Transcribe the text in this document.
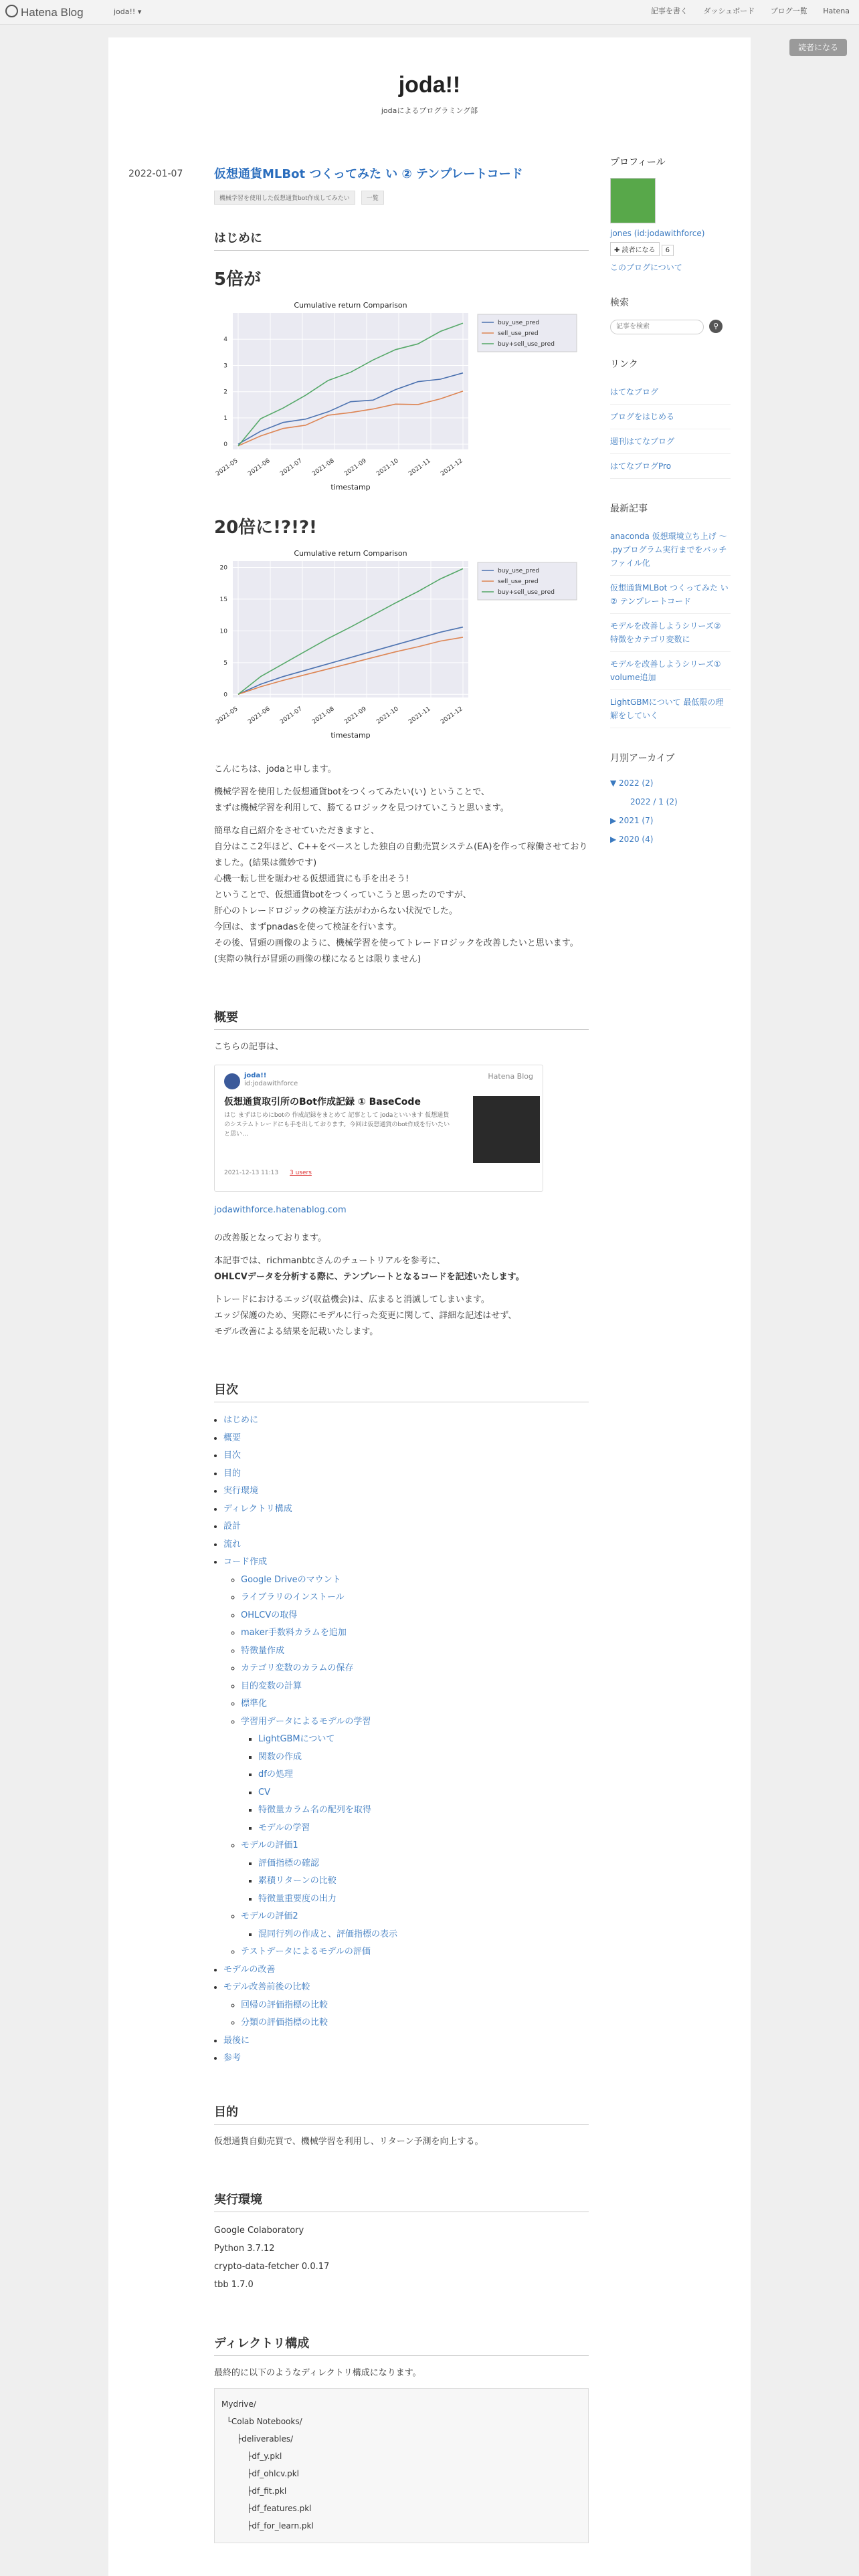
Hatena Blog	joda!! ▾	記事を書く ダッシュボード ブログ一覧 Hatena
読者になる
joda!!
jodaによるプログラミング部
2022-01-07	仮想通貨MLBot つくってみた い ② テンプレートコード
機械学習を使用した仮想通貨bot作成してみたい	一覧
はじめに
5倍が
Cumulative return Comparison
2021-05 2021-06 2021-07 2021-08 2021-09 2021-10 2021-11 2021-12
0
1
2
3
4
timestamp
buy_use_pred
sell_use_pred
buy+sell_use_pred
20倍に!?!?!
Cumulative return Comparison
2021-05 2021-06 2021-07 2021-08 2021-09 2021-10 2021-11 2021-12
0
5
10
15
20
timestamp
buy_use_pred
sell_use_pred
buy+sell_use_pred

こんにちは、jodaと申します。

機械学習を使用した仮想通貨botをつくってみたい(い) ということで、
まずは機械学習を利用して、勝てるロジックを見つけていこうと思います。

簡単な自己紹介をさせていただきますと、
自分はここ2年ほど、C++をベースとした独自の自動売買システム(EA)を作って稼働させておりました。(結果は微妙です)
心機一転し世を賑わせる仮想通貨にも手を出そう!
ということで、仮想通貨botをつくっていこうと思ったのですが、
肝心のトレードロジックの検証方法がわからない状況でした。
今回は、まずpnadasを使って検証を行います。
その後、冒頭の画像のように、機械学習を使ってトレードロジックを改善したいと思います。
(実際の執行が冒頭の画像の様になるとは限りません)

概要

こちらの記事は、

Hatena Blog
joda!!
id:jodawithforce
仮想通貨取引所のBot作成記録 ① BaseCode
はじ まずはじめにbotの 作成記録をまとめて 記事として jodaといいます 仮想通貨のシステムトレードにも手を出しております。今回は仮想通貨のbot作成を行いたいと思い…
2021-12-13 11:13 3 users

jodawithforce.hatenablog.com

の改善版となっております。

本記事では、richmanbtcさんのチュートリアルを参考に、

OHLCVデータを分析する際に、テンプレートとなるコードを記述いたします。

トレードにおけるエッジ(収益機会)は、広まると消滅してしまいます。
エッジ保護のため、実際にモデルに行った変更に関して、詳細な記述はせず、
モデル改善による結果を記載いたします。

目次
• はじめに
• 概要
• 目次
• 目的
• 実行環境
• ディレクトリ構成
• 設計
• 流れ
• コード作成
◦ Google Driveのマウント
◦ ライブラリのインストール
◦ OHLCVの取得
◦ maker手数料カラムを追加
◦ 特徴量作成
◦ カテゴリ変数のカラムの保存
◦ 目的変数の計算
◦ 標準化
◦ 学習用データによるモデルの学習
▪ LightGBMについて
▪ 関数の作成
▪ dfの処理
▪ CV
▪ 特徴量カラム名の配列を取得
▪ モデルの学習
◦ モデルの評価1
▪ 評価指標の確認
▪ 累積リターンの比較
▪ 特徴量重要度の出力
◦ モデルの評価2
▪ 混同行列の作成と、評価指標の表示
◦ テストデータによるモデルの評価
• モデルの改善
• モデル改善前後の比較
◦ 回帰の評価指標の比較
◦ 分類の評価指標の比較
• 最後に
• 参考
目的

仮想通貨自動売買で、機械学習を利用し、リターン予測を向上する。

実行環境

Google Colaboratory

Python 3.7.12

crypto-data-fetcher 0.0.17

tbb 1.7.0

ディレクトリ構成

最終的に以下のようなディレクトリ構成になります。

Mydrive/
└Colab Notebooks/
├deliverables/
├df_y.pkl
├df_ohlcv.pkl
├df_fit.pkl
├df_features.pkl
├df_for_learn.pkl
プロフィール
jones (id:jodawithforce)
✚ 読者になる 6
このブログについて
検索
記事を検索
⚲
リンク
はてなブログ
ブログをはじめる
週刊はてなブログ
はてなブログPro
最新記事
anaconda 仮想環境立ち上げ ～ .pyプログラム実行までをバッチファイル化
仮想通貨MLBot つくってみた い ② テンプレートコード
モデルを改善しようシリーズ② 特徴をカテゴリ変数に
モデルを改善しようシリーズ① volume追加
LightGBMについて 最低限の理解をしていく
月別アーカイブ
▼ 2022 (2)
2022 / 1 (2)
▶ 2021 (7)
▶ 2020 (4)
